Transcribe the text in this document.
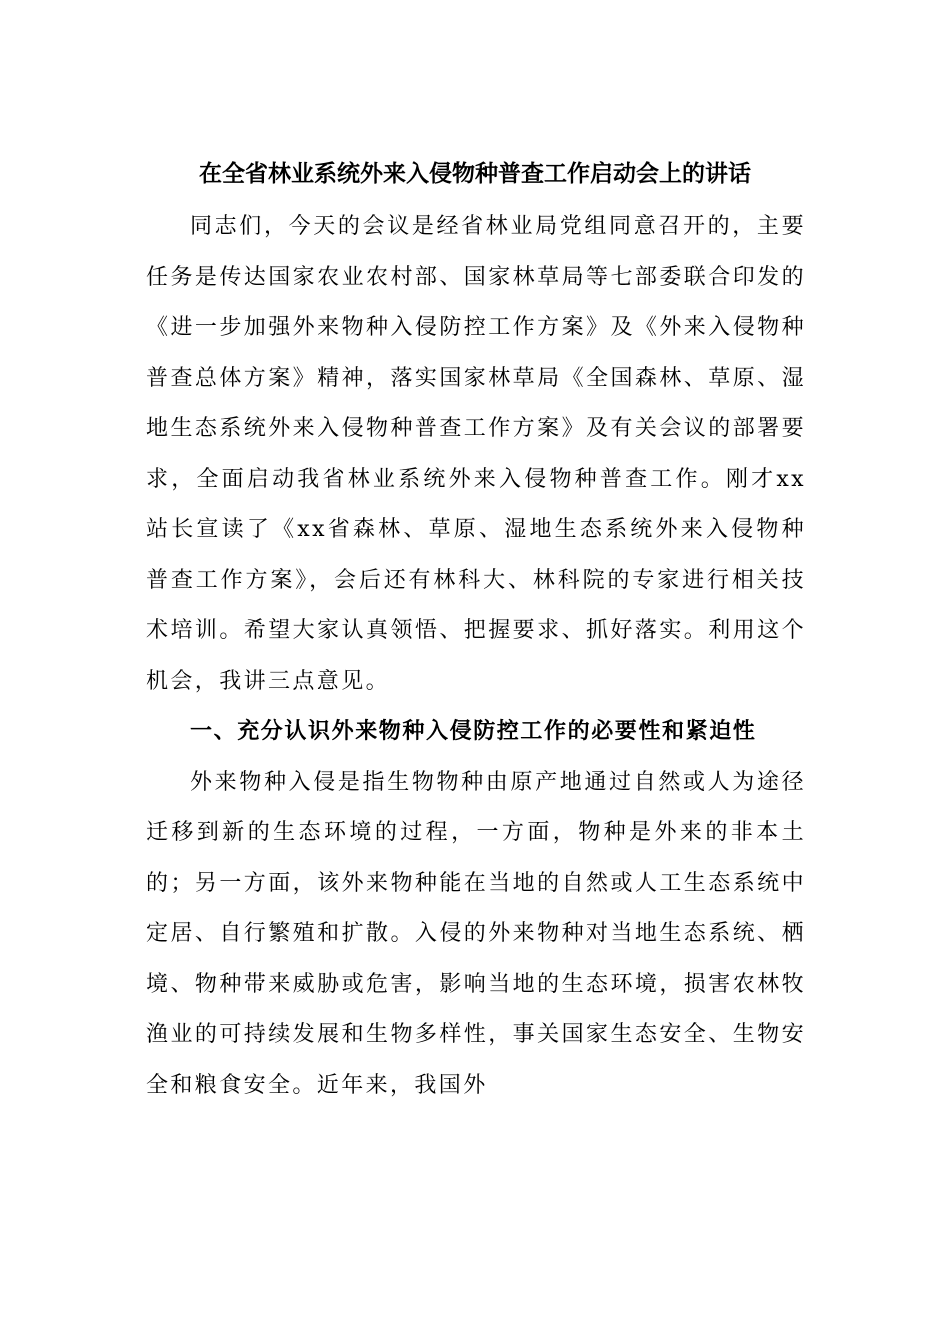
在全省林业系统外来入侵物种普查工作启动会上的讲话

同志们，今天的会议是经省林业局党组同意召开的，主要任务是传达国家农业农村部、国家林草局等七部委联合印发的《进一步加强外来物种入侵防控工作方案》及《外来入侵物种普查总体方案》精神，落实国家林草局《全国森林、草原、湿地生态系统外来入侵物种普查工作方案》及有关会议的部署要求，全面启动我省林业系统外来入侵物种普查工作。刚才xx站长宣读了《xx省森林、草原、湿地生态系统外来入侵物种普查工作方案》，会后还有林科大、林科院的专家进行相关技术培训。希望大家认真领悟、把握要求、抓好落实。利用这个机会，我讲三点意见。

一、充分认识外来物种入侵防控工作的必要性和紧迫性

外来物种入侵是指生物物种由原产地通过自然或人为途径迁移到新的生态环境的过程，一方面，物种是外来的非本土的；另一方面，该外来物种能在当地的自然或人工生态系统中定居、自行繁殖和扩散。入侵的外来物种对当地生态系统、栖境、物种带来威胁或危害，影响当地的生态环境，损害农林牧渔业的可持续发展和生物多样性，事关国家生态安全、生物安全和粮食安全。近年来，我国外
